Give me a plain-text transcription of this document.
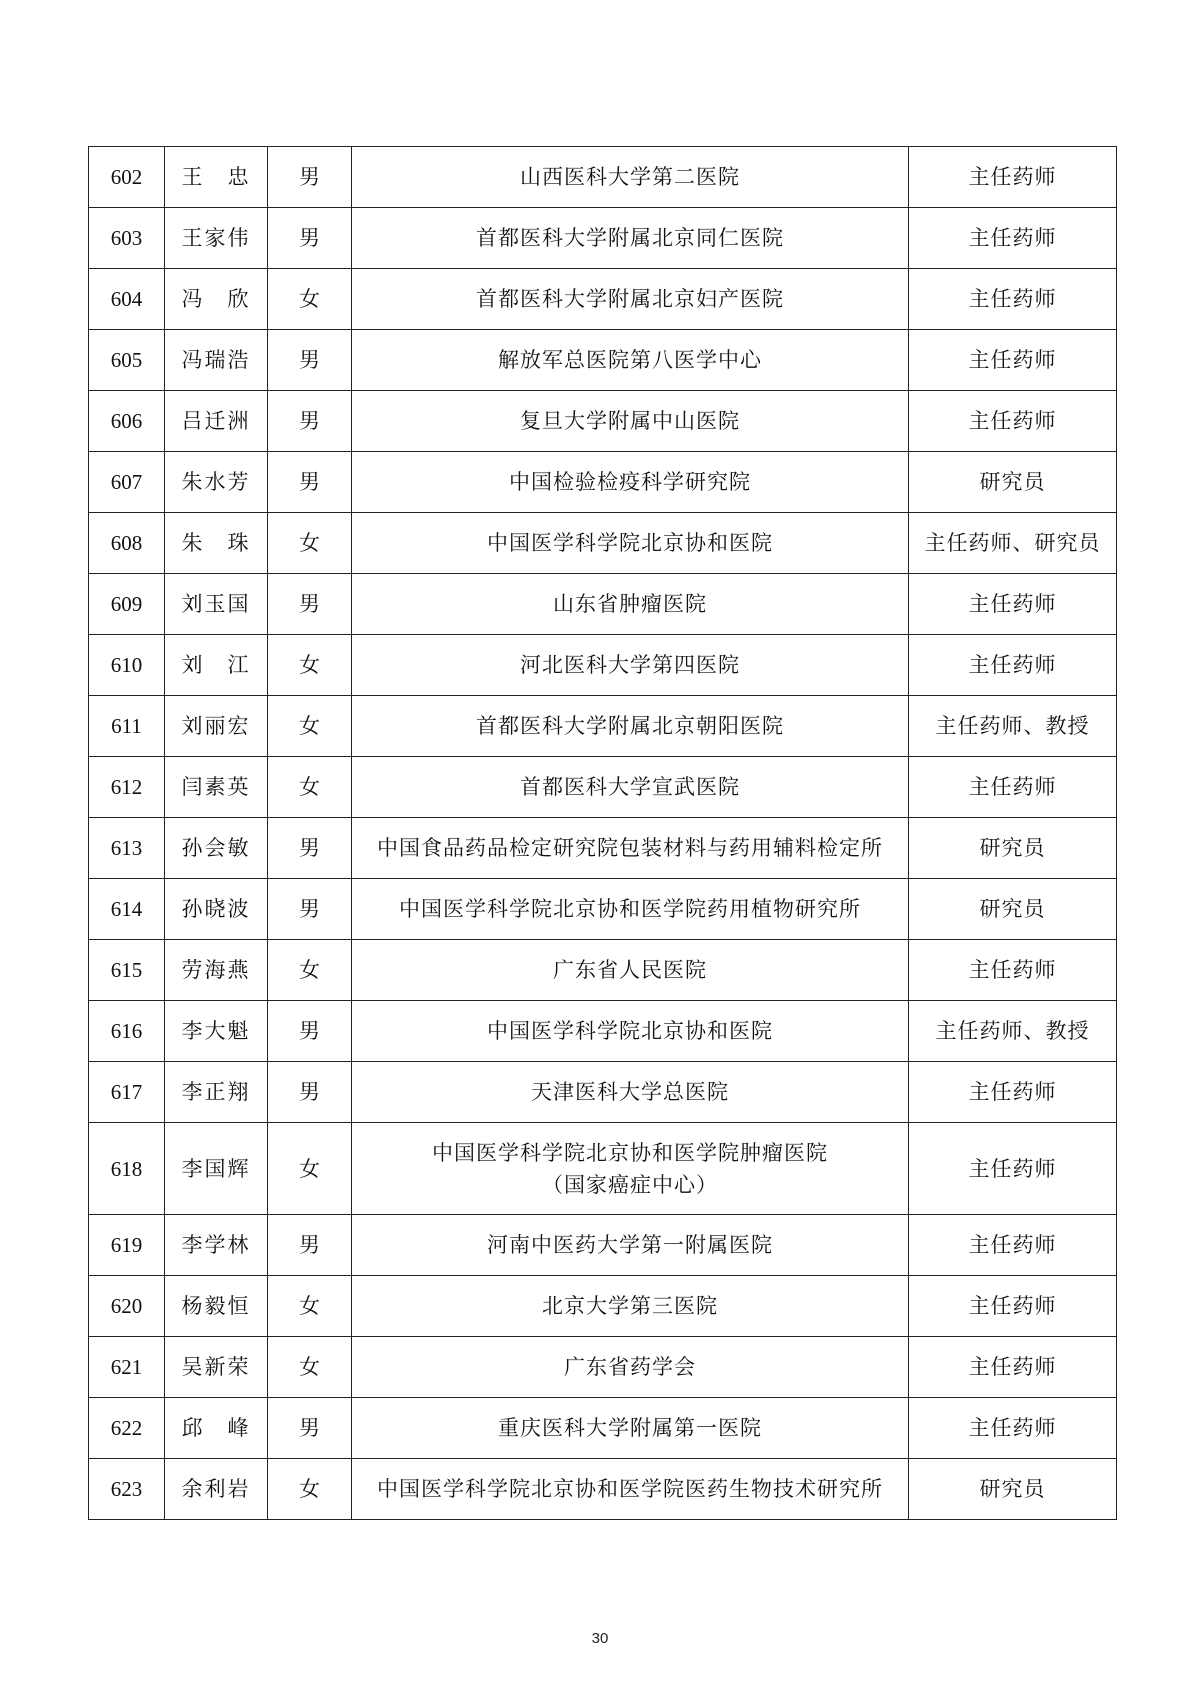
602	王　忠	男	山西医科大学第二医院	主任药师
603	王家伟	男	首都医科大学附属北京同仁医院	主任药师
604	冯　欣	女	首都医科大学附属北京妇产医院	主任药师
605	冯瑞浩	男	解放军总医院第八医学中心	主任药师
606	吕迁洲	男	复旦大学附属中山医院	主任药师
607	朱水芳	男	中国检验检疫科学研究院	研究员
608	朱　珠	女	中国医学科学院北京协和医院	主任药师、研究员
609	刘玉国	男	山东省肿瘤医院	主任药师
610	刘　江	女	河北医科大学第四医院	主任药师
611	刘丽宏	女	首都医科大学附属北京朝阳医院	主任药师、教授
612	闫素英	女	首都医科大学宣武医院	主任药师
613	孙会敏	男	中国食品药品检定研究院包装材料与药用辅料检定所	研究员
614	孙晓波	男	中国医学科学院北京协和医学院药用植物研究所	研究员
615	劳海燕	女	广东省人民医院	主任药师
616	李大魁	男	中国医学科学院北京协和医院	主任药师、教授
617	李正翔	男	天津医科大学总医院	主任药师
618	李国辉	女	中国医学科学院北京协和医学院肿瘤医院
（国家癌症中心）	主任药师
619	李学林	男	河南中医药大学第一附属医院	主任药师
620	杨毅恒	女	北京大学第三医院	主任药师
621	吴新荣	女	广东省药学会	主任药师
622	邱　峰	男	重庆医科大学附属第一医院	主任药师
623	余利岩	女	中国医学科学院北京协和医学院医药生物技术研究所	研究员
30
